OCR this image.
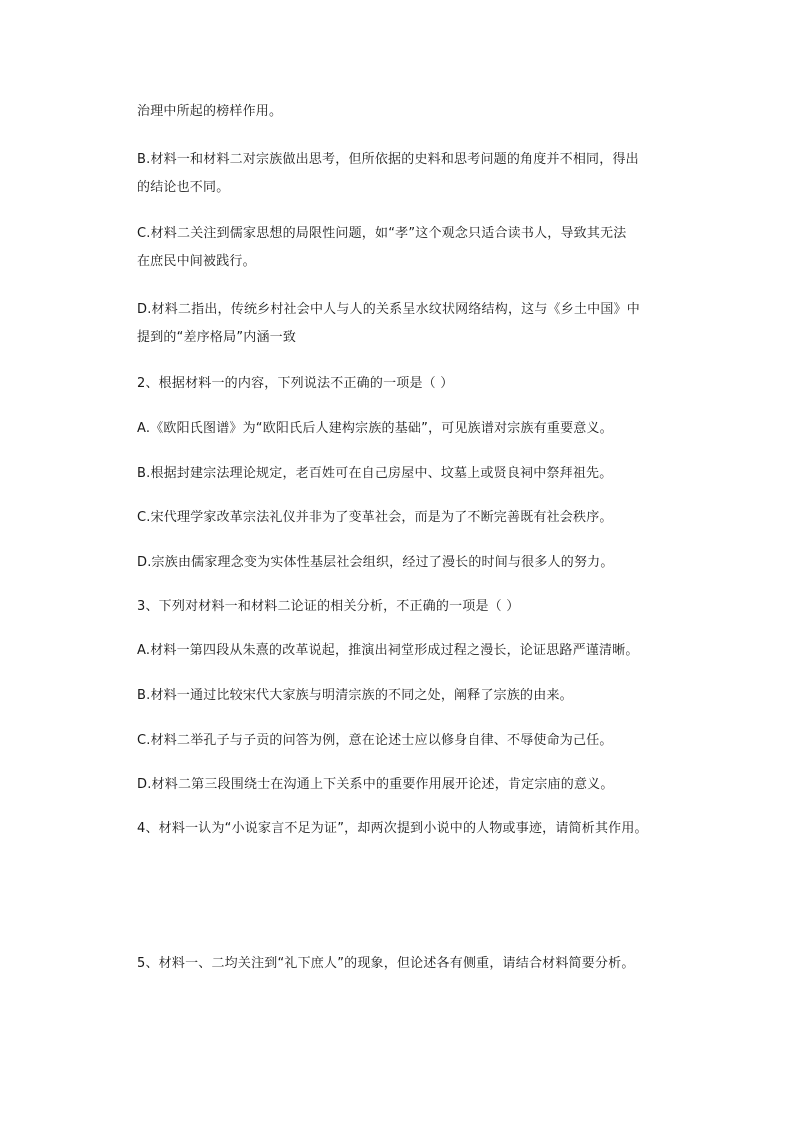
治理中所起的榜样作用。
B.材料一和材料二对宗族做出思考，但所依据的史料和思考问题的角度并不相同，得出
的结论也不同。
C.材料二关注到儒家思想的局限性问题，如“孝”这个观念只适合读书人，导致其无法
在庶民中间被践行。
D.材料二指出，传统乡村社会中人与人的关系呈水纹状网络结构，这与《乡土中国》中
提到的“差序格局”内涵一致
2、根据材料一的内容，下列说法不正确的一项是（ ）
A.《欧阳氏图谱》为“欧阳氏后人建构宗族的基础”，可见族谱对宗族有重要意义。
B.根据封建宗法理论规定，老百姓可在自己房屋中、坟墓上或贤良祠中祭拜祖先。
C.宋代理学家改革宗法礼仪并非为了变革社会，而是为了不断完善既有社会秩序。
D.宗族由儒家理念变为实体性基层社会组织，经过了漫长的时间与很多人的努力。
3、下列对材料一和材料二论证的相关分析，不正确的一项是（ ）
A.材料一第四段从朱熹的改革说起，推演出祠堂形成过程之漫长，论证思路严谨清晰。
B.材料一通过比较宋代大家族与明清宗族的不同之处，阐释了宗族的由来。
C.材料二举孔子与子贡的问答为例，意在论述士应以修身自律、不辱使命为己任。
D.材料二第三段围绕士在沟通上下关系中的重要作用展开论述，肯定宗庙的意义。
4、材料一认为“小说家言不足为证”，却两次提到小说中的人物或事迹，请简析其作用。
5、材料一、二均关注到“礼下庶人”的现象，但论述各有侧重，请结合材料简要分析。
